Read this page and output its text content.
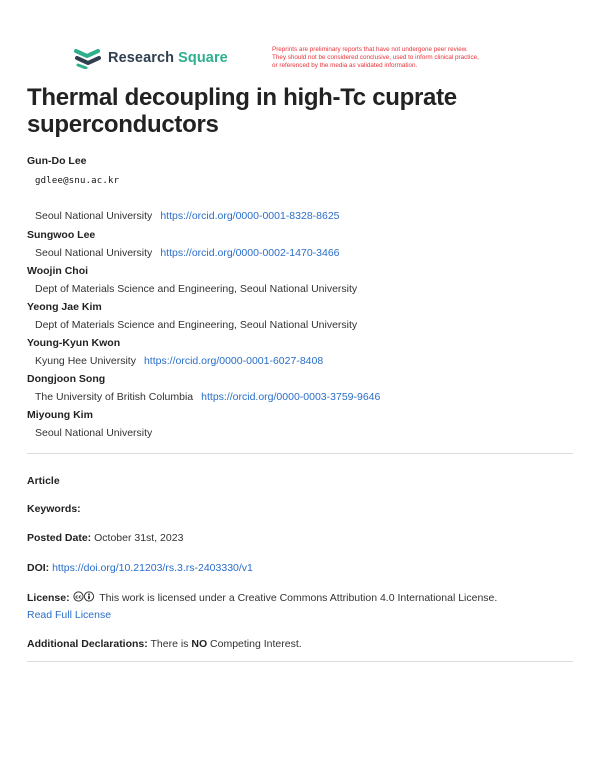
Research Square
Preprints are preliminary reports that have not undergone peer review.
They should not be considered conclusive, used to inform clinical practice,
or referenced by the media as validated information.
Thermal decoupling in high-Tc cuprate
superconductors
Gun-Do Lee
gdlee@snu.ac.kr
Seoul National University https://orcid.org/0000-0001-8328-8625
Sungwoo Lee
Seoul National University https://orcid.org/0000-0002-1470-3466
Woojin Choi
Dept of Materials Science and Engineering, Seoul National University
Yeong Jae Kim
Dept of Materials Science and Engineering, Seoul National University
Young-Kyun Kwon
Kyung Hee University https://orcid.org/0000-0001-6027-8408
Dongjoon Song
The University of British Columbia https://orcid.org/0000-0003-3759-9646
Miyoung Kim
Seoul National University
Article
Keywords:
Posted Date: October 31st, 2023
DOI: https://doi.org/10.21203/rs.3.rs-2403330/v1
License: cc This work is licensed under a Creative Commons Attribution 4.0 International License.
Read Full License
Additional Declarations: There is NO Competing Interest.
